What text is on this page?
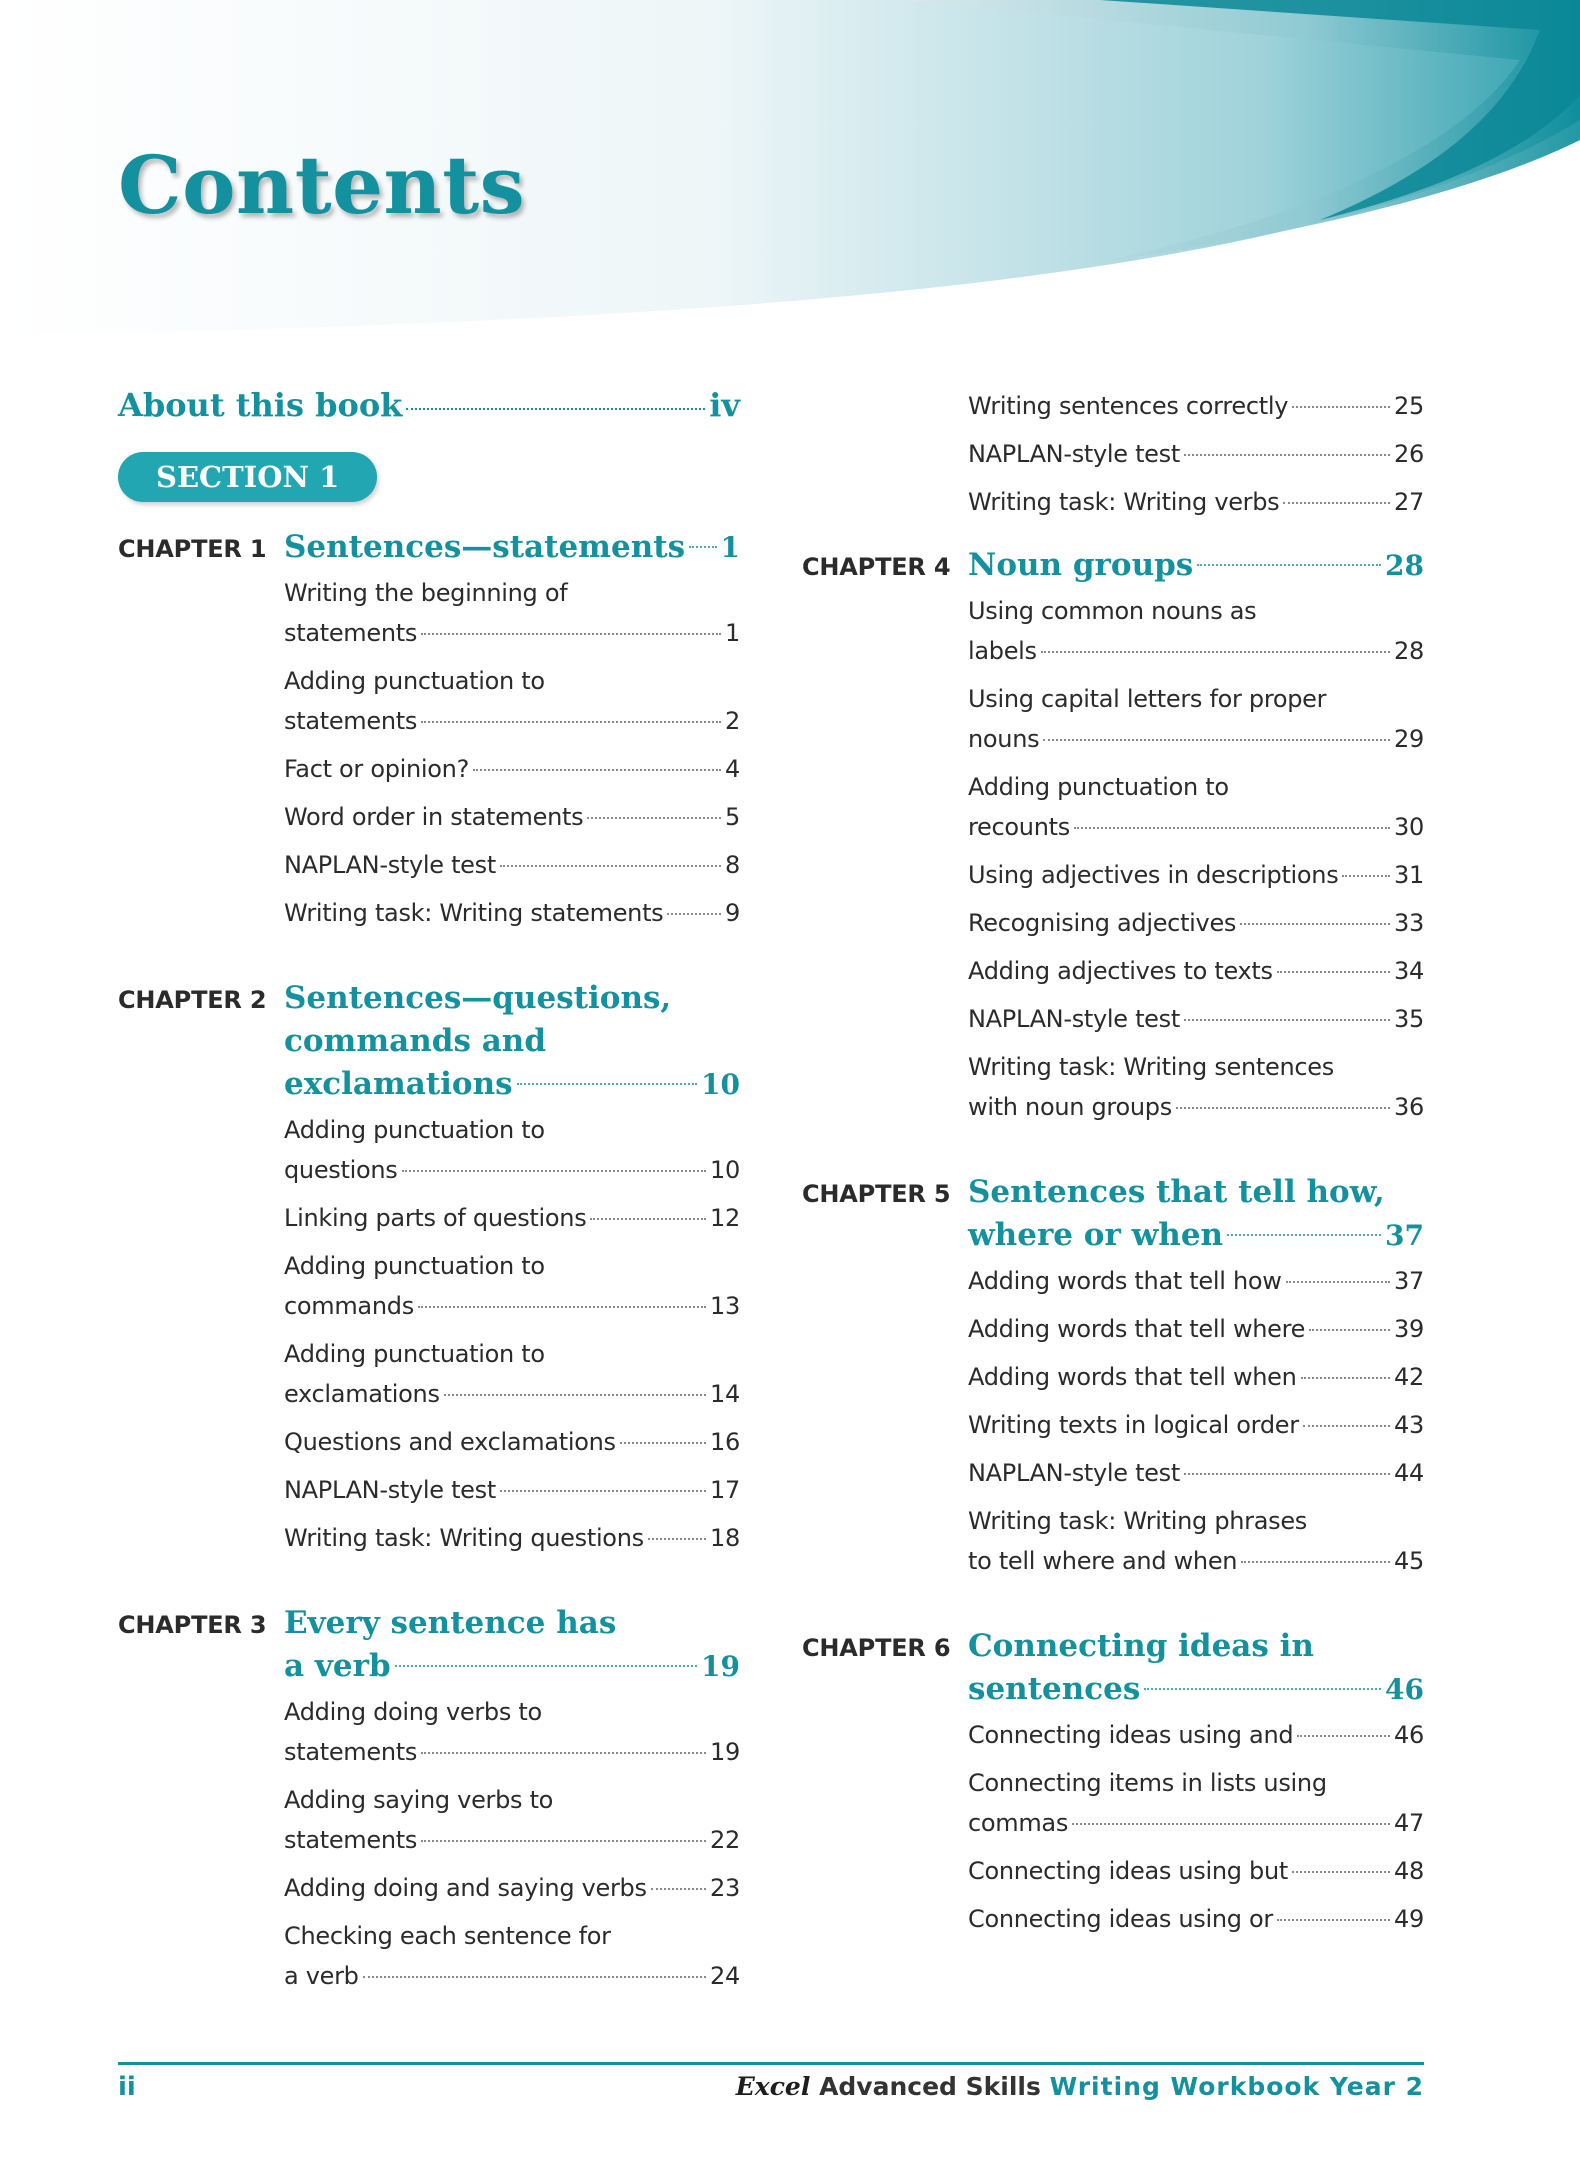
Contents
About this book	iv
SECTION 1
CHAPTER 1 Sentences—statements 1
Writing the beginning of
statements	1
Adding punctuation to
statements	2
Fact or opinion?	4
Word order in statements	5
NAPLAN-style test	8
Writing task: Writing statements	9
CHAPTER 2 Sentences—questions,
commands and
exclamations	10
Adding punctuation to
questions	10
Linking parts of questions	12
Adding punctuation to
commands	13
Adding punctuation to
exclamations	14
Questions and exclamations	16
NAPLAN-style test	17
Writing task: Writing questions	18
CHAPTER 3 Every sentence has
a verb	19
Adding doing verbs to
statements	19
Adding saying verbs to
statements	22
Adding doing and saying verbs	23
Checking each sentence for
a verb	24
Writing sentences correctly	25
NAPLAN-style test	26
Writing task: Writing verbs	27
CHAPTER 4 Noun groups	28
Using common nouns as
labels	28
Using capital letters for proper
nouns	29
Adding punctuation to
recounts	30
Using adjectives in descriptions 31
Recognising adjectives	33
Adding adjectives to texts	34
NAPLAN-style test	35
Writing task: Writing sentences
with noun groups	36
CHAPTER 5 Sentences that tell how,
where or when	37
Adding words that tell how	37
Adding words that tell where	39
Adding words that tell when	42
Writing texts in logical order	43
NAPLAN-style test	44
Writing task: Writing phrases
to tell where and when	45
CHAPTER 6 Connecting ideas in
sentences	46
Connecting ideas using and	46
Connecting items in lists using
commas	47
Connecting ideas using but	48
Connecting ideas using or	49
ii	Excel Advanced Skills Writing Workbook Year 2
